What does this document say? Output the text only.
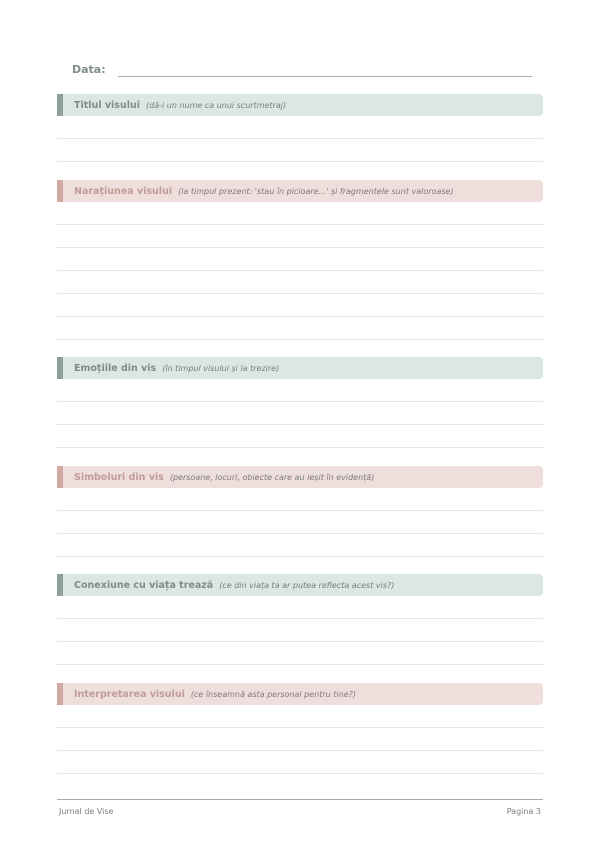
Data:
Titlul visului (dă-i un nume ca unui scurtmetraj)
Narațiunea visului (la timpul prezent: 'stau în picioare...' și fragmentele sunt valoroase)
Emoțiile din vis (în timpul visului și la trezire)
Simboluri din vis (persoane, locuri, obiecte care au ieșit în evidență)
Conexiune cu viața trează (ce din viața ta ar putea reflecta acest vis?)
Interpretarea visului (ce înseamnă asta personal pentru tine?)
Jurnal de Vise	Pagina 3
